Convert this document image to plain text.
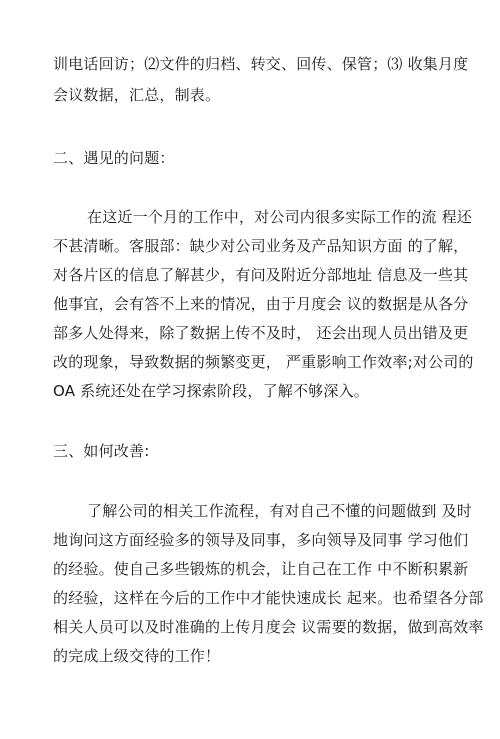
训电话回访；⑵文件的归档、转交、回传、保管；⑶ 收集月度
会议数据，汇总，制表。
二、遇见的问题：
在这近一个月的工作中，对公司内很多实际工作的流 程还
不甚清晰。客服部：缺少对公司业务及产品知识方面 的了解，
对各片区的信息了解甚少，有问及附近分部地址 信息及一些其
他事宜，会有答不上来的情况，由于月度会 议的数据是从各分
部多人处得来，除了数据上传不及时， 还会出现人员出错及更
改的现象，导致数据的频繁变更， 严重影响工作效率;对公司的
OA 系统还处在学习探索阶段，了解不够深入。
三、如何改善:
了解公司的相关工作流程，有对自己不懂的问题做到 及时
地询问这方面经验多的领导及同事，多向领导及同事 学习他们
的经验。使自己多些锻炼的机会，让自己在工作 中不断积累新
的经验，这样在今后的工作中才能快速成长 起来。也希望各分部
相关人员可以及时准确的上传月度会 议需要的数据，做到高效率
的完成上级交待的工作！
